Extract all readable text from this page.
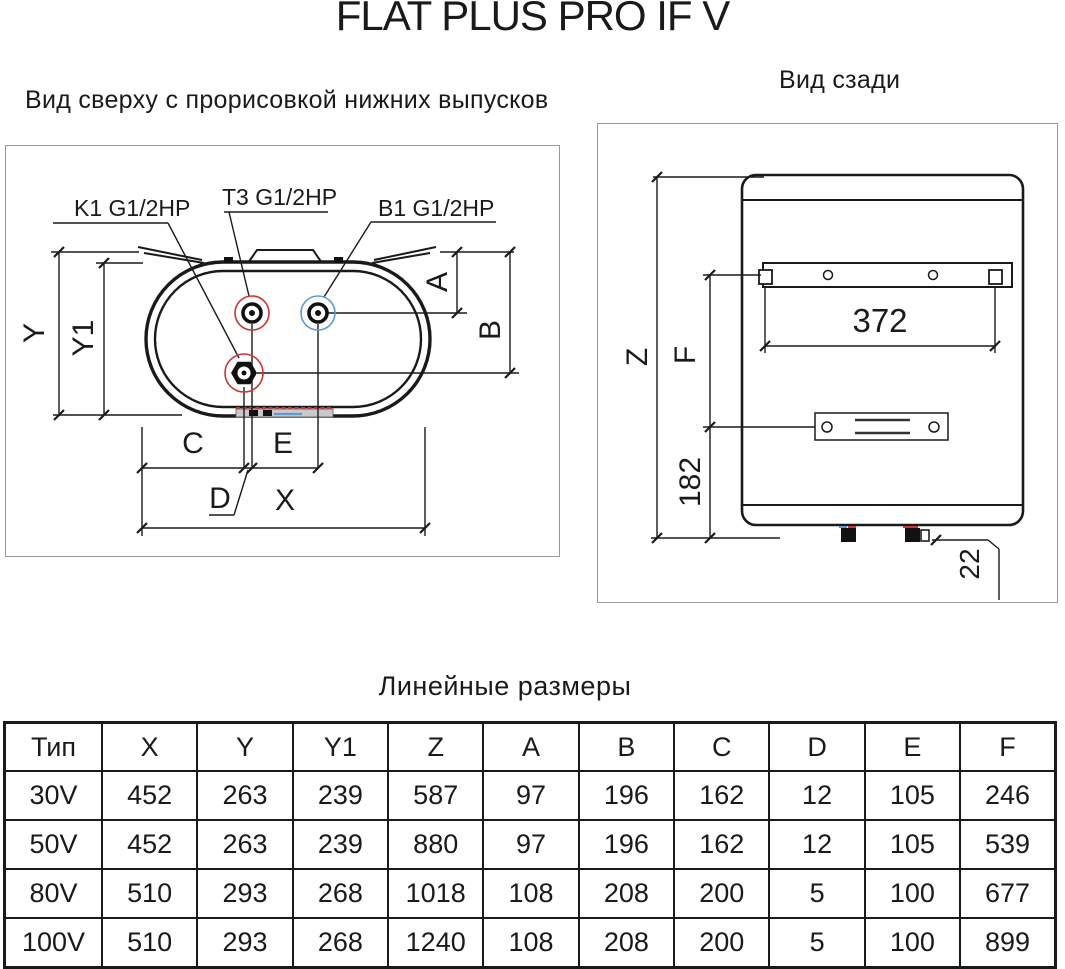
FLAT PLUS PRO IF V
Вид сверху с прорисовкой нижних выпусков
Вид сзади
K1 G1/2HP T3 G1/2HP B1 G1/2HP
Y Y1
A
B
C E
D X
372
Z F
182
22
Линейные размеры
Тип	X	Y	Y1	Z	A	B	C	D	E	F
30V	452	263	239	587	97	196	162	12	105	246
50V	452	263	239	880	97	196	162	12	105	539
80V	510	293	268	1018	108	208	200	5	100	677
100V	510	293	268	1240	108	208	200	5	100	899
